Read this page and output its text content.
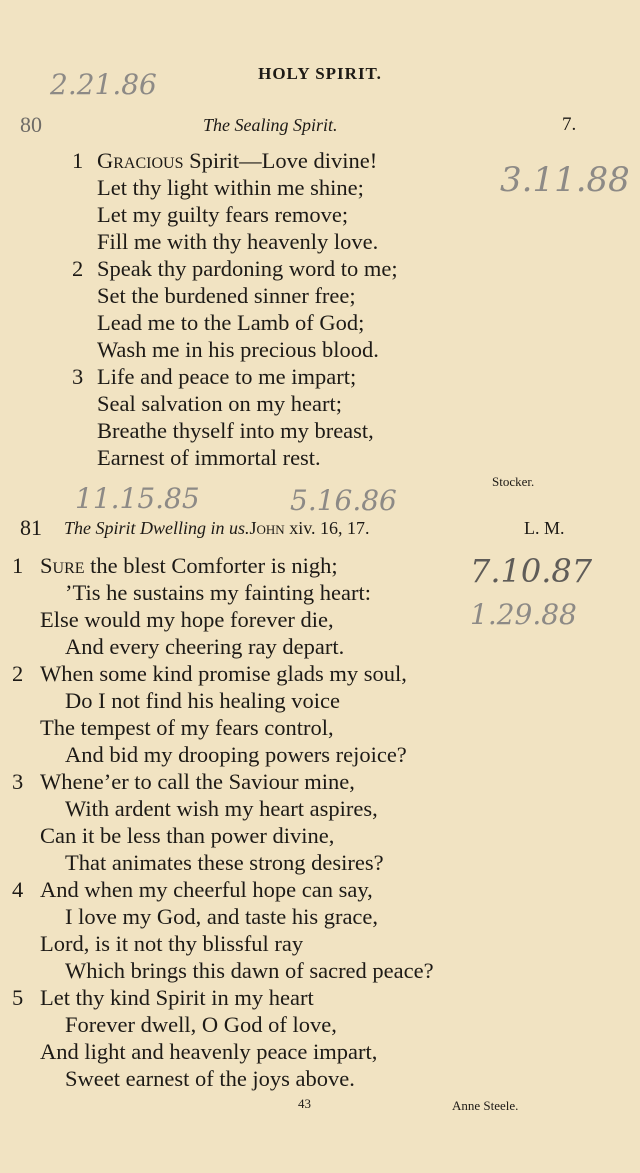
HOLY SPIRIT.
2.21.86
3.11.88
11.15.85	5.16.86
7.10.87
1.29.88
80	The Sealing Spirit.	7.
1 Gracious Spirit—Love divine!
Let thy light within me shine;
Let my guilty fears remove;
Fill me with thy heavenly love.
2 Speak thy pardoning word to me;
Set the burdened sinner free;
Lead me to the Lamb of God;
Wash me in his precious blood.
3 Life and peace to me impart;
Seal salvation on my heart;
Breathe thyself into my breast,
Earnest of immortal rest.
Stocker.
81 The Spirit Dwelling in us.John xiv. 16, 17.	L. M.
1 Sure the blest Comforter is nigh;
’Tis he sustains my fainting heart:
Else would my hope forever die,
And every cheering ray depart.
2 When some kind promise glads my soul,
Do I not find his healing voice
The tempest of my fears control,
And bid my drooping powers rejoice?
3 Whene’er to call the Saviour mine,
With ardent wish my heart aspires,
Can it be less than power divine,
That animates these strong desires?
4 And when my cheerful hope can say,
I love my God, and taste his grace,
Lord, is it not thy blissful ray
Which brings this dawn of sacred peace?
5 Let thy kind Spirit in my heart
Forever dwell, O God of love,
And light and heavenly peace impart,
Sweet earnest of the joys above.
43	Anne Steele.
